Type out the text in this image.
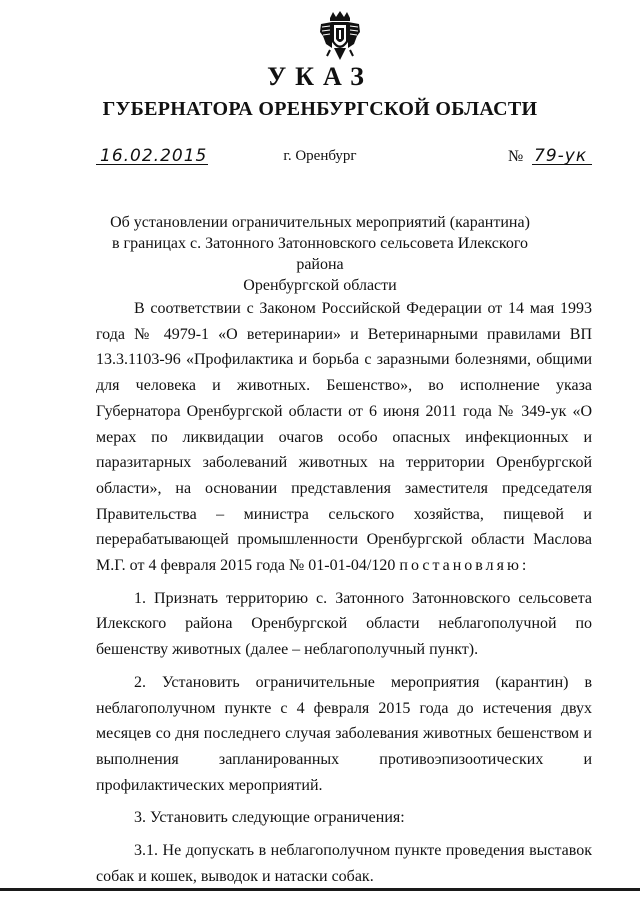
УКАЗ
ГУБЕРНАТОРА ОРЕНБУРГСКОЙ ОБЛАСТИ
16.02.2015	г. Оренбург	№ 79-ук
Об установлении ограничительных мероприятий (карантина)
в границах с. Затонного Затонновского сельсовета Илекского района
Оренбургской области

В соответствии с Законом Российской Федерации от 14 мая 1993 года № 4979-1 «О ветеринарии» и Ветеринарными правилами ВП 13.3.1103-96 «Профилактика и борьба с заразными болезнями, общими для человека и животных. Бешенство», во исполнение указа Губернатора Оренбургской области от 6 июня 2011 года № 349-ук «О мерах по ликвидации очагов особо опасных инфекционных и паразитарных заболеваний животных на территории Оренбургской области», на основании представления заместителя председателя Правительства – министра сельского хозяйства, пищевой и перерабатывающей промышленности Оренбургской области Маслова М.Г. от 4 февраля 2015 года № 01-01-04/120 постановляю:

1. Признать территорию с. Затонного Затонновского сельсовета Илекского района Оренбургской области неблагополучной по бешенству животных (далее – неблагополучный пункт).

2. Установить ограничительные мероприятия (карантин) в неблагополучном пункте с 4 февраля 2015 года до истечения двух месяцев со дня последнего случая заболевания животных бешенством и выполнения запланированных противоэпизоотических и профилактических мероприятий.

3. Установить следующие ограничения:

3.1. Не допускать в неблагополучном пункте проведения выставок собак и кошек, выводок и натаски собак.
